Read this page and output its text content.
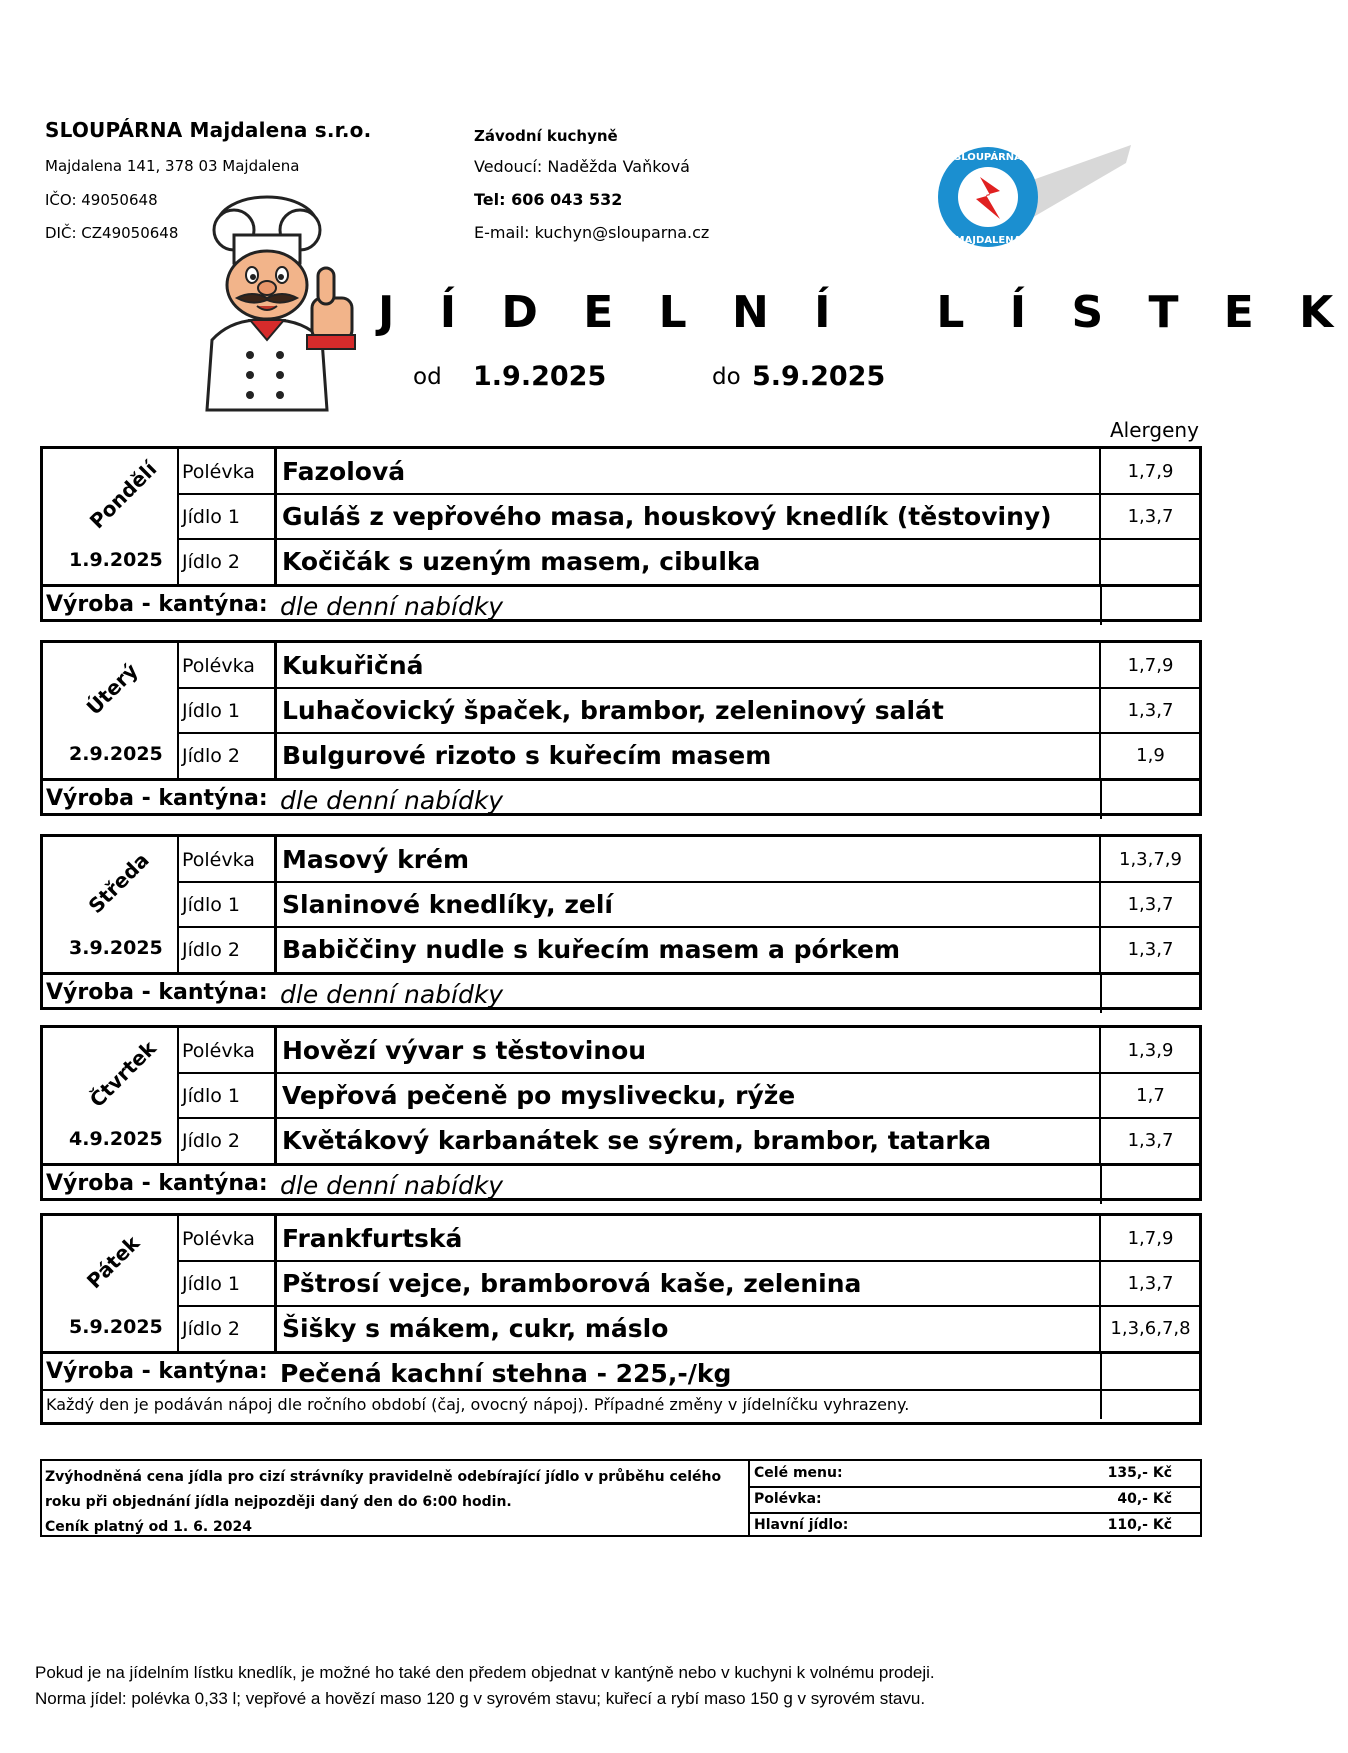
SLOUPÁRNA Majdalena s.r.o.
Majdalena 141, 378 03 Majdalena
IČO: 49050648
DIČ: CZ49050648
Závodní kuchyně
Vedoucí: Naděžda Vaňková
Tel: 606 043 532
E-mail: kuchyn@slouparna.cz
SLOUPÁRNA
MAJDALENA
J Í D E L N Í   L Í S T E K
od 1.9.2025	do 5.9.2025
Alergeny
Polévka	Fazolová	1,7,9
Jídlo 1	Guláš z vepřového masa, houskový knedlík (těstoviny)	1,3,7
Jídlo 2	Kočičák s uzeným masem, cibulka
Pondělí
1.9.2025
Výroba - kantýna: dle denní nabídky
Polévka	Kukuřičná	1,7,9
Jídlo 1	Luhačovický špaček, brambor, zeleninový salát	1,3,7
Jídlo 2	Bulgurové rizoto s kuřecím masem	1,9
Úterý
2.9.2025
Výroba - kantýna: dle denní nabídky
Polévka	Masový krém	1,3,7,9
Jídlo 1	Slaninové knedlíky, zelí	1,3,7
Jídlo 2	Babiččiny nudle s kuřecím masem a pórkem	1,3,7
Středa
3.9.2025
Výroba - kantýna: dle denní nabídky
Polévka	Hovězí vývar s těstovinou	1,3,9
Jídlo 1	Vepřová pečeně po myslivecku, rýže	1,7
Jídlo 2	Květákový karbanátek se sýrem, brambor, tatarka	1,3,7
Čtvrtek
4.9.2025
Výroba - kantýna: dle denní nabídky
Polévka	Frankfurtská	1,7,9
Jídlo 1	Pštrosí vejce, bramborová kaše, zelenina	1,3,7
Jídlo 2	Šišky s mákem, cukr, máslo	1,3,6,7,8
Pátek
5.9.2025
Výroba - kantýna: Pečená kachní stehna - 225,-/kg
Každý den je podáván nápoj dle ročního období (čaj, ovocný nápoj). Případné změny v jídelníčku vyhrazeny.
Zvýhodněná cena jídla pro cizí strávníky pravidelně odebírající jídlo v průběhu celého
roku při objednání jídla nejpozději daný den do 6:00 hodin.
Ceník platný od 1. 6. 2024
Celé menu:	135,- Kč
Polévka:	40,- Kč
Hlavní jídlo:	110,- Kč
Pokud je na jídelním lístku knedlík, je možné ho také den předem objednat v kantýně nebo v kuchyni k volnému prodeji.
Norma jídel: polévka 0,33 l; vepřové a hovězí maso 120 g v syrovém stavu; kuřecí a rybí maso 150 g v syrovém stavu.
